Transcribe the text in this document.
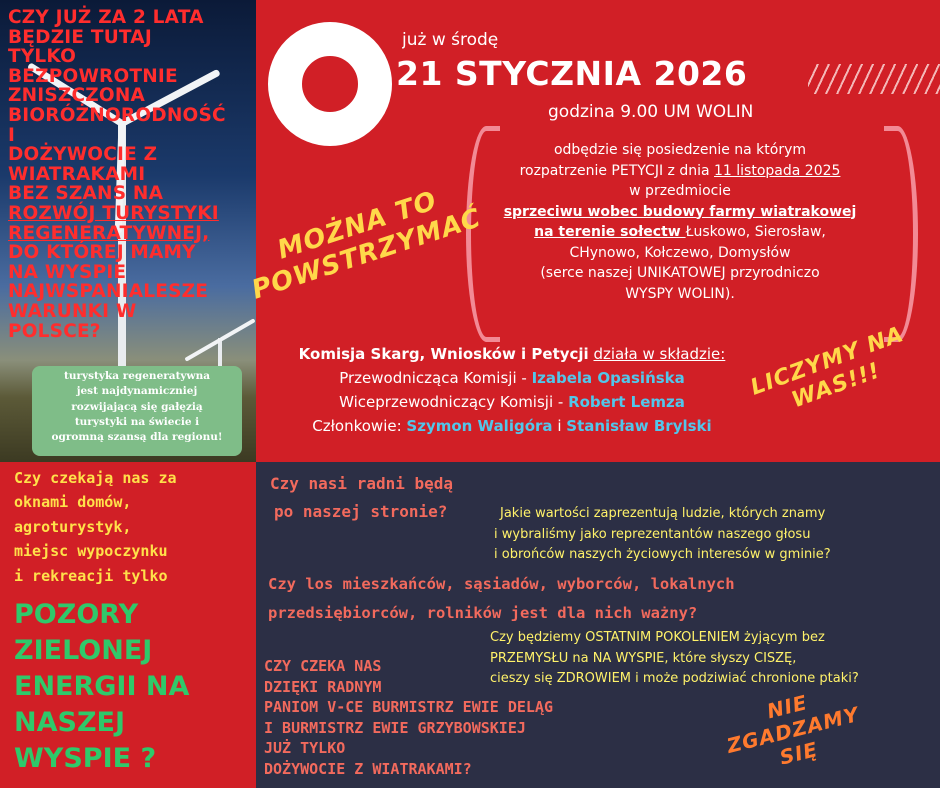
CZY JUŻ ZA 2 LATA
BĘDZIE TUTAJ
TYLKO
BEZPOWROTNIE
ZNISZCZONA
BIORÓŻNORODNOŚĆ
I
DOŻYWOCIE Z
WIATRAKAMI
BEZ SZANS NA
ROZWÓJ TURYSTYKI
REGENERATYWNEJ,
DO KTÓREJ MAMY
NA WYSPIE
NAJWSPANIALESZE
WARUNKI W
POLSCE?
turystyka regeneratywna
jest najdynamiczniej
rozwijającą się gałęzią
turystyki na świecie i
ogromną szansą dla regionu!
już w środę
21 STYCZNIA 2026
godzina 9.00 UM WOLIN
MOŻNA TO POWSTRZYMAĆ
odbędzie się posiedzenie na którym
rozpatrzenie PETYCJI z dnia 11 listopada 2025
w przedmiocie
sprzeciwu wobec budowy farmy wiatrakowej
na terenie sołectw Łuskowo, Sierosław,
CHynowo, Kołczewo, Domysłów
(serce naszej UNIKATOWEJ przyrodniczo
WYSPY WOLIN).
Komisja Skarg, Wniosków i Petycji działa w składzie:
Przewodnicząca Komisji - Izabela Opasińska
Wiceprzewodniczący Komisji - Robert Lemza
Członkowie: Szymon Waligóra i Stanisław Brylski
LICZYMY NA WAS!!!
Czy czekają nas za
oknami domów,
agroturystyk,
miejsc wypoczynku
i rekreacji tylko
POZORY
ZIELONEJ
ENERGII NA
NASZEJ
WYSPIE ?
Czy nasi radni będą
po naszej stronie?	Jakie wartości zaprezentują ludzie, których znamy
i wybraliśmy jako reprezentantów naszego głosu
i obrońców naszych życiowych interesów w gminie?
Czy los mieszkańców, sąsiadów, wyborców, lokalnych
przedsiębiorców, rolników jest dla nich ważny?
Czy będziemy OSTATNIM POKOLENIEM żyjącym bez
PRZEMYSŁU na NA WYSPIE, które słyszy CISZĘ,
cieszy się ZDROWIEM i może podziwiać chronione ptaki?
CZY CZEKA NAS
DZIĘKI RADNYM
PANIOM V-CE BURMISTRZ EWIE DELĄG
I BURMISTRZ EWIE GRZYBOWSKIEJ
JUŻ TYLKO
DOŻYWOCIE Z WIATRAKAMI?
NIE ZGADZAMY SIĘ
